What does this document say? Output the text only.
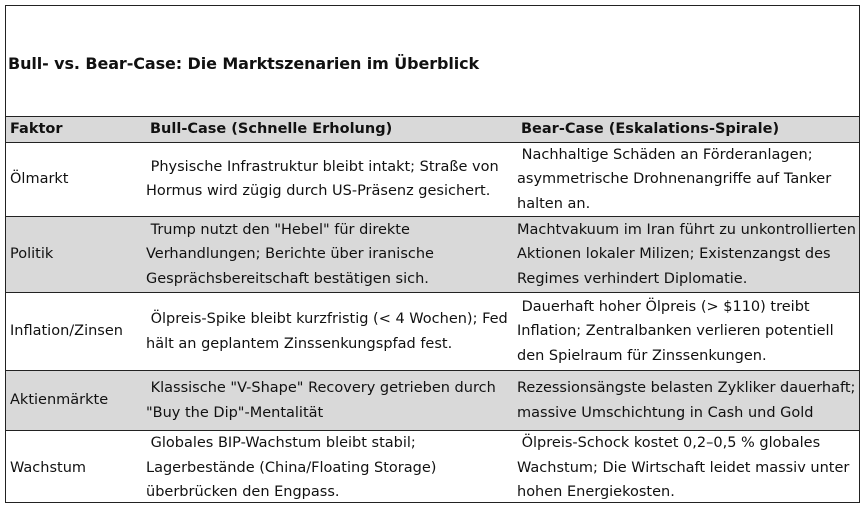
Bull- vs. Bear-Case: Die Marktszenarien im Überblick
Faktor	Bull-Case (Schnelle Erholung)	Bear-Case (Eskalations-Spirale)
Ölmarkt	Physische Infrastruktur bleibt intakt; Straße von Hormus wird zügig durch US-Präsenz gesichert.	Nachhaltige Schäden an Förderanlagen; asymmetrische Drohnenangriffe auf Tanker halten an.

Politik	Trump nutzt den "Hebel" für direkte Verhandlungen; Berichte über iranische Gesprächsbereitschaft bestätigen sich.	Machtvakuum im Iran führt zu unkontrollierten Aktionen lokaler Milizen; Existenzangst des Regimes verhindert Diplomatie.

Inflation/Zinsen	Ölpreis-Spike bleibt kurzfristig (< 4 Wochen); Fed hält an geplantem Zinssenkungspfad fest.	Dauerhaft hoher Ölpreis (> $110) treibt Inflation; Zentralbanken verlieren potentiell den Spielraum für Zinssenkungen.

Aktienmärkte	Klassische "V-Shape" Recovery getrieben durch "Buy the Dip"-Mentalität	Rezessionsängste belasten Zykliker dauerhaft; massive Umschichtung in Cash und Gold

Wachstum	Globales BIP-Wachstum bleibt stabil; Lagerbestände (China/Floating Storage) überbrücken den Engpass.	Ölpreis-Schock kostet 0,2–0,5 % globales Wachstum; Die Wirtschaft leidet massiv unter hohen Energiekosten.
